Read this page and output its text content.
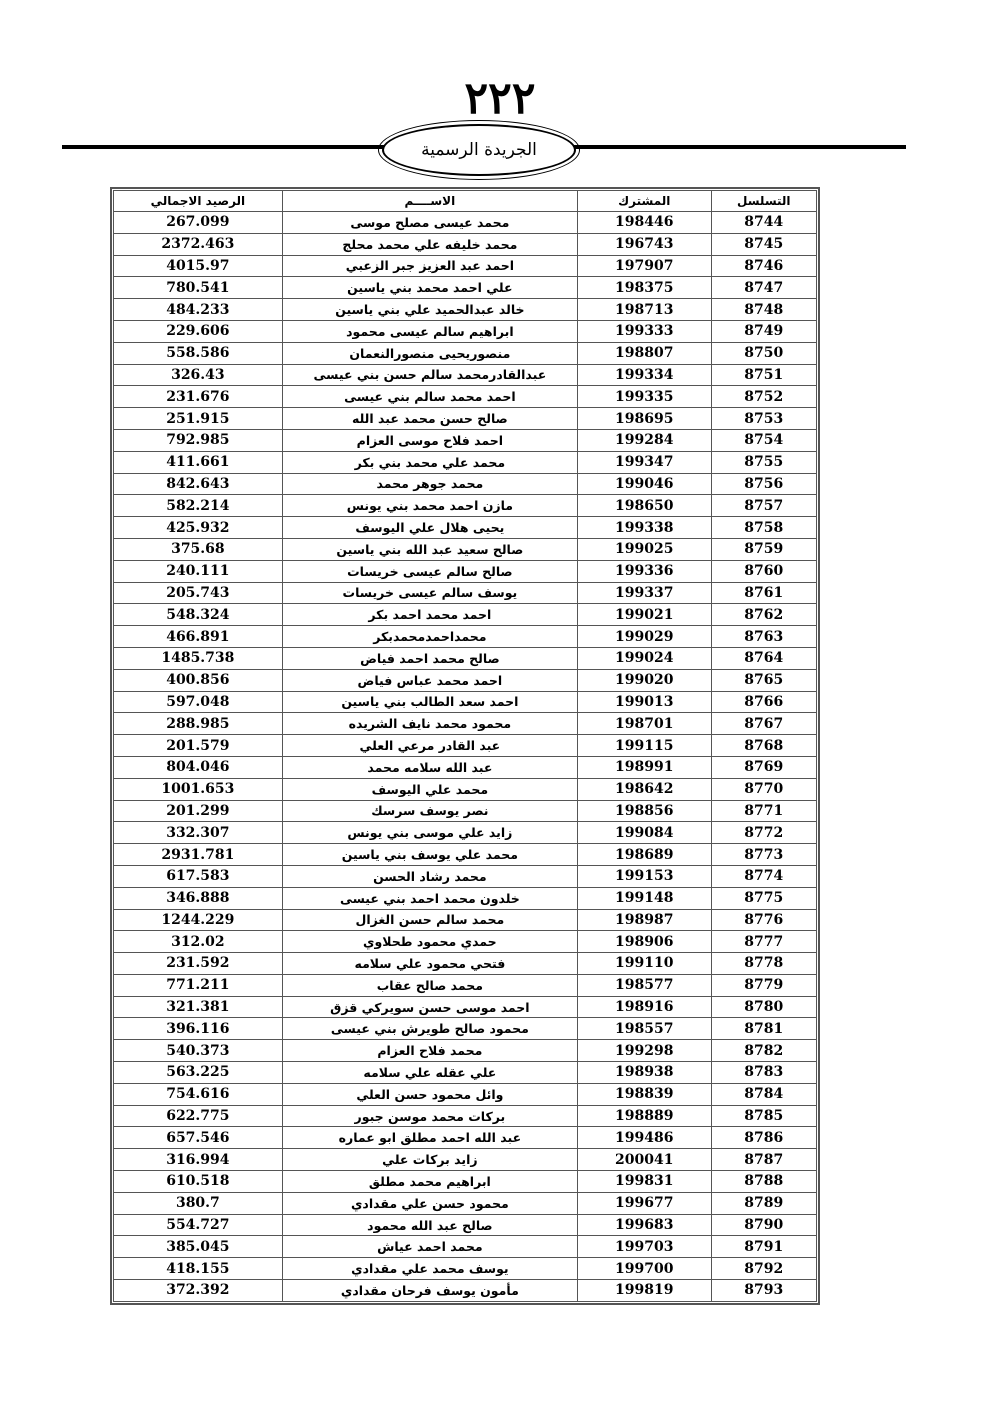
٢٢٢
الجريدة الرسمية
التسلسل	المشترك	الاســــم	الرصيد الاجمالي
8744	198446	محمد عيسى مصلح موسى	267.099
8745	196743	محمد خليفه علي محمد محلج	2372.463
8746	197907	احمد عبد العزيز جبر الزعبي	4015.97
8747	198375	علي احمد محمد بني ياسين	780.541
8748	198713	خالد عبدالحميد علي بني ياسين	484.233
8749	199333	ابراهيم سالم عيسى محمود	229.606
8750	198807	منصوريحيى منصورالنعمان	558.586
8751	199334	عبدالقادرمحمد سالم حسن بني عيسى	326.43
8752	199335	احمد محمد سالم بني عيسى	231.676
8753	198695	صالح حسن محمد عبد الله	251.915
8754	199284	احمد فلاح موسى العزام	792.985
8755	199347	محمد علي محمد بني بكر	411.661
8756	199046	محمد جوهر محمد	842.643
8757	198650	مازن احمد محمد بني يونس	582.214
8758	199338	يحيى هلال علي اليوسف	425.932
8759	199025	صالح سعيد عبد الله بني ياسين	375.68
8760	199336	صالح سالم عيسى خريسات	240.111
8761	199337	يوسف سالم عيسى خريسات	205.743
8762	199021	احمد محمد احمد بكر	548.324
8763	199029	محمداحمدمحمدبكر	466.891
8764	199024	صالح محمد احمد فياض	1485.738
8765	199020	احمد محمد عباس فياض	400.856
8766	199013	احمد سعد الطالب بني ياسين	597.048
8767	198701	محمود محمد نايف الشريده	288.985
8768	199115	عبد القادر مرعي العلي	201.579
8769	198991	عبد الله سلامه محمد	804.046
8770	198642	محمد علي اليوسف	1001.653
8771	198856	نصر يوسف سرسك	201.299
8772	199084	زايد علي موسى بني يونس	332.307
8773	198689	محمد علي يوسف بني ياسين	2931.781
8774	199153	محمد رشاد الحسن	617.583
8775	199148	خلدون محمد احمد بني عيسى	346.888
8776	198987	محمد سالم حسن الغزال	1244.229
8777	198906	حمدي محمود طحلاوي	312.02
8778	199110	فتحي محمود علي سلامه	231.592
8779	198577	محمد صالح عقاب	771.211
8780	198916	احمد موسى حسن سويركي قزق	321.381
8781	198557	محمود صالح طويرش بني عيسى	396.116
8782	199298	محمد فلاح العزام	540.373
8783	198938	علي عقله علي سلامه	563.225
8784	198839	وائل محمود حسن العلي	754.616
8785	198889	بركات محمد موسن جبور	622.775
8786	199486	عبد الله احمد مطلق ابو عماره	657.546
8787	200041	زايد بركات علي	316.994
8788	199831	ابراهيم محمد مطلق	610.518
8789	199677	محمود حسن علي مقدادي	380.7
8790	199683	صالح عبد الله محمود	554.727
8791	199703	محمد احمد عياش	385.045
8792	199700	يوسف محمد علي مقدادي	418.155
8793	199819	مأمون يوسف فرحان مقدادي	372.392
